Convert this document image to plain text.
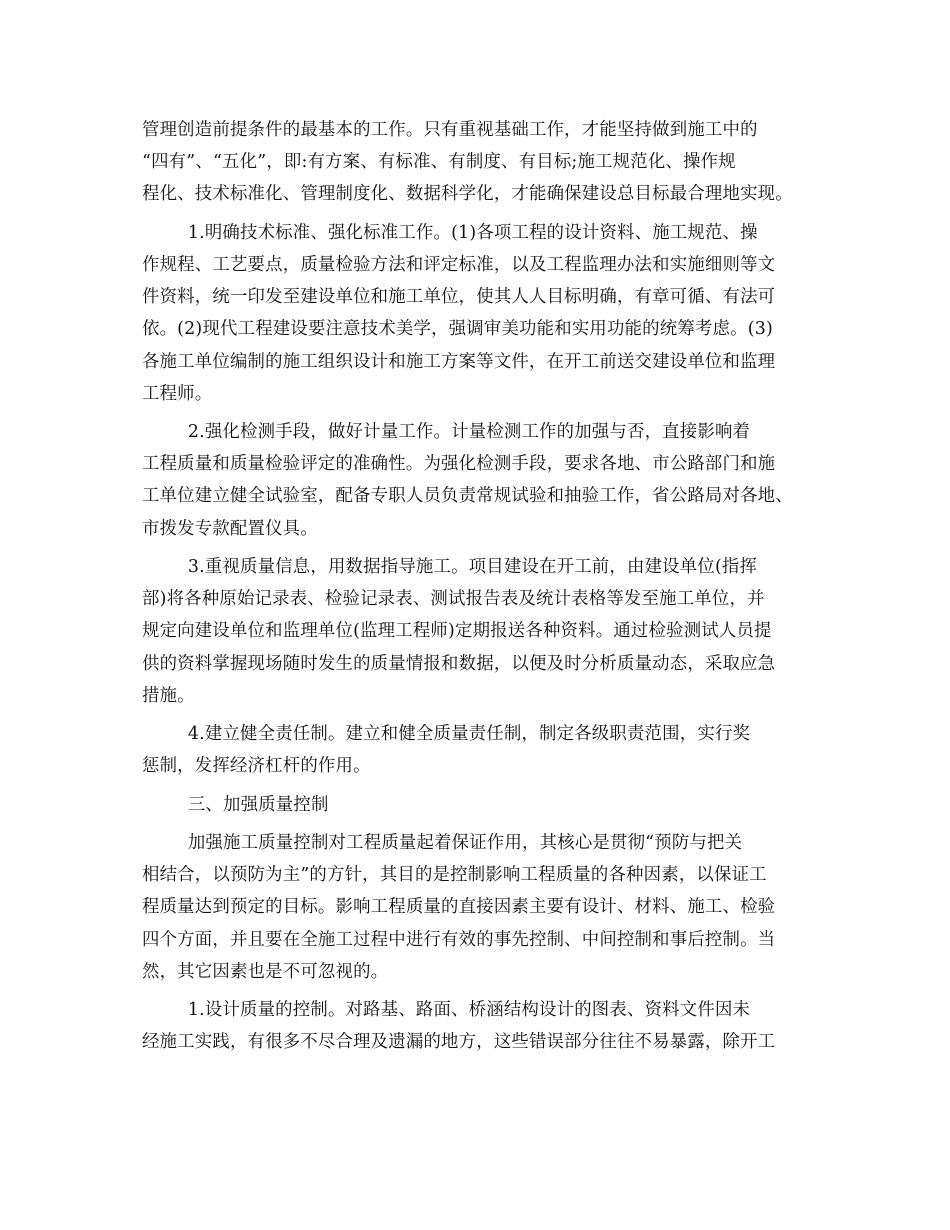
管理创造前提条件的最基本的工作。只有重视基础工作，才能坚持做到施工中的
“四有”、“五化”，即:有方案、有标准、有制度、有目标;施工规范化、操作规
程化、技术标准化、管理制度化、数据科学化，才能确保建设总目标最合理地实现。
1.明确技术标准、强化标准工作。(1)各项工程的设计资料、施工规范、操
作规程、工艺要点，质量检验方法和评定标准，以及工程监理办法和实施细则等文
件资料，统一印发至建设单位和施工单位，使其人人目标明确，有章可循、有法可
依。(2)现代工程建设要注意技术美学，强调审美功能和实用功能的统筹考虑。(3)
各施工单位编制的施工组织设计和施工方案等文件，在开工前送交建设单位和监理
工程师。
2.强化检测手段，做好计量工作。计量检测工作的加强与否，直接影响着
工程质量和质量检验评定的准确性。为强化检测手段，要求各地、市公路部门和施
工单位建立健全试验室，配备专职人员负责常规试验和抽验工作，省公路局对各地、
市拨发专款配置仪具。
3.重视质量信息，用数据指导施工。项目建设在开工前，由建设单位(指挥
部)将各种原始记录表、检验记录表、测试报告表及统计表格等发至施工单位，并
规定向建设单位和监理单位(监理工程师)定期报送各种资料。通过检验测试人员提
供的资料掌握现场随时发生的质量情报和数据，以便及时分析质量动态，采取应急
措施。
4.建立健全责任制。建立和健全质量责任制，制定各级职责范围，实行奖
惩制，发挥经济杠杆的作用。
三、加强质量控制
加强施工质量控制对工程质量起着保证作用，其核心是贯彻“预防与把关
相结合，以预防为主”的方针，其目的是控制影响工程质量的各种因素，以保证工
程质量达到预定的目标。影响工程质量的直接因素主要有设计、材料、施工、检验
四个方面，并且要在全施工过程中进行有效的事先控制、中间控制和事后控制。当
然，其它因素也是不可忽视的。
1.设计质量的控制。对路基、路面、桥涵结构设计的图表、资料文件因未
经施工实践，有很多不尽合理及遗漏的地方，这些错误部分往往不易暴露，除开工
